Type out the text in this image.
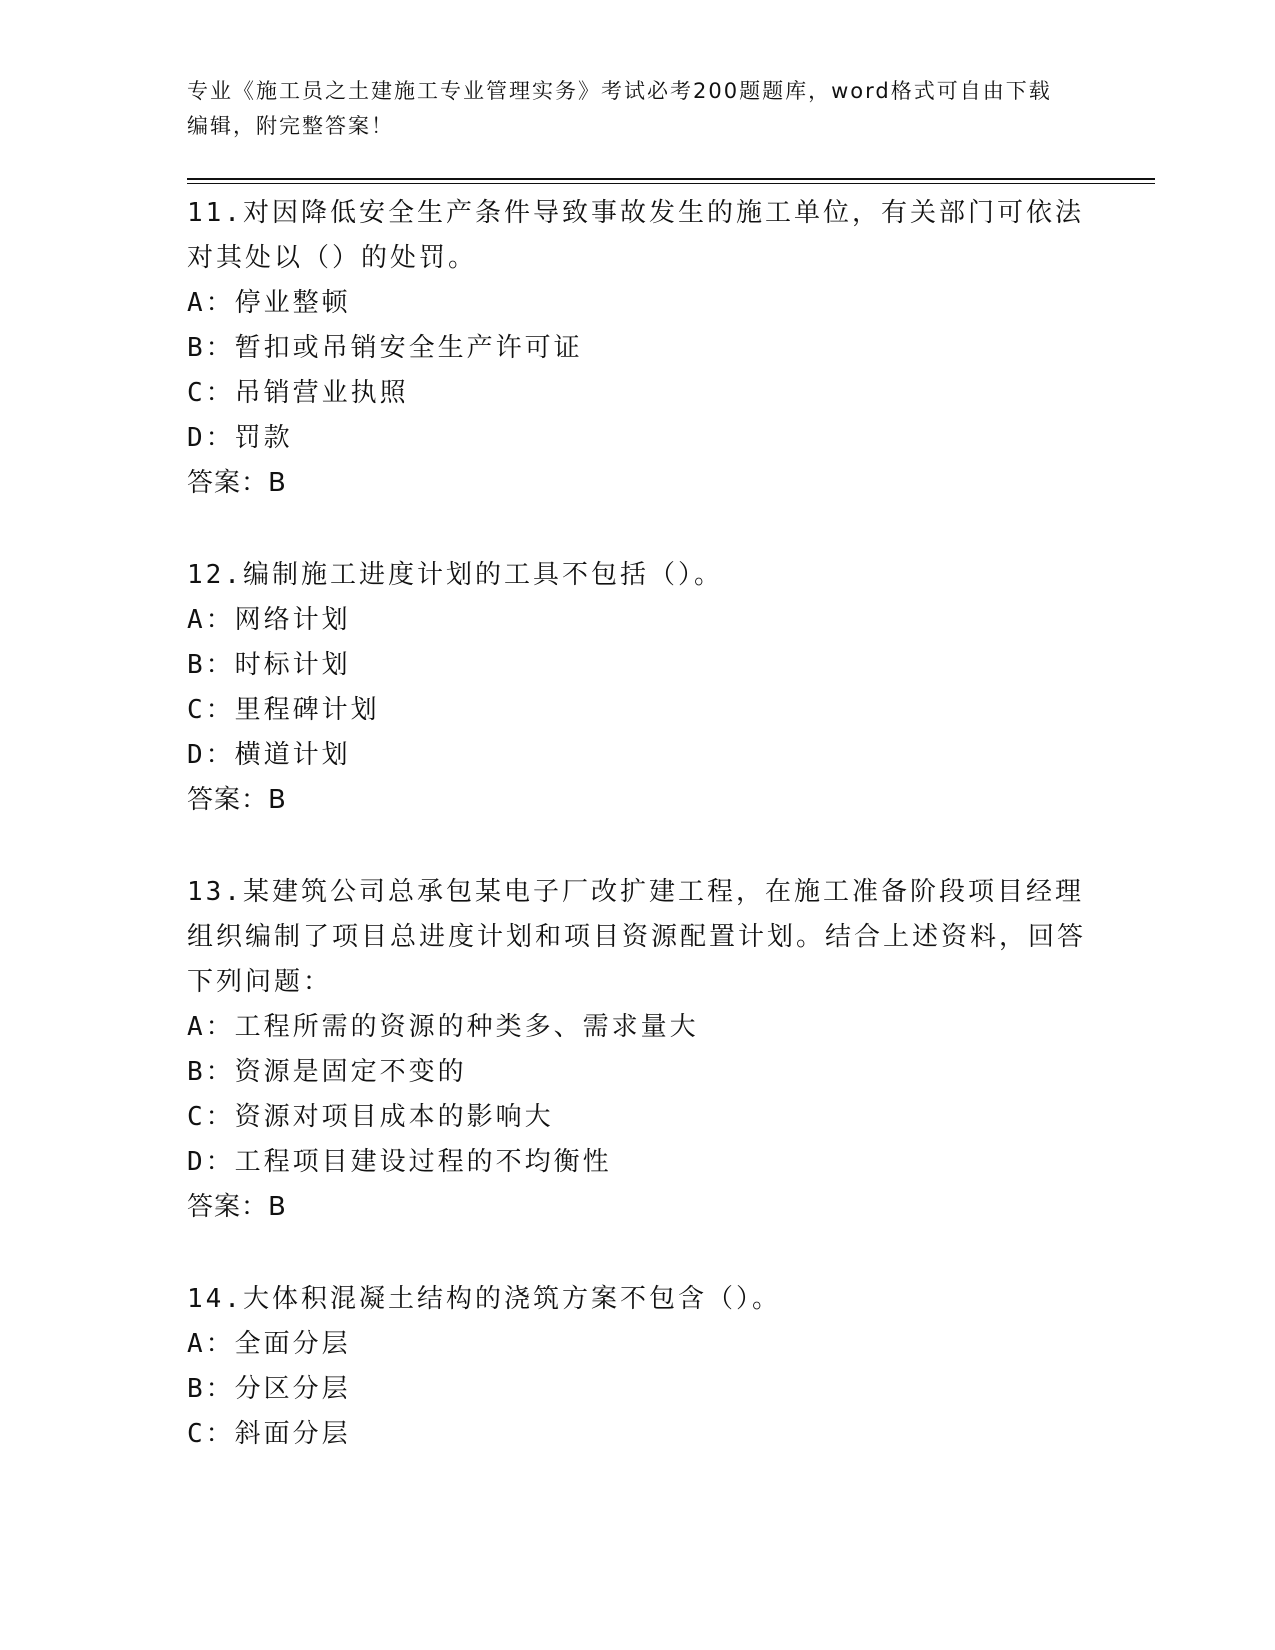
专业《施工员之土建施工专业管理实务》考试必考200题题库，word格式可自由下载编辑，附完整答案！
11.对因降低安全生产条件导致事故发生的施工单位，有关部门可依法对其处以（）的处罚。
A：停业整顿
B：暂扣或吊销安全生产许可证
C：吊销营业执照
D：罚款
答案：B
12.编制施工进度计划的工具不包括（）。
A：网络计划
B：时标计划
C：里程碑计划
D：横道计划
答案：B
13.某建筑公司总承包某电子厂改扩建工程，在施工准备阶段项目经理组织编制了项目总进度计划和项目资源配置计划。结合上述资料，回答下列问题：
A：工程所需的资源的种类多、需求量大
B：资源是固定不变的
C：资源对项目成本的影响大
D：工程项目建设过程的不均衡性
答案：B
14.大体积混凝土结构的浇筑方案不包含（）。
A：全面分层
B：分区分层
C：斜面分层
